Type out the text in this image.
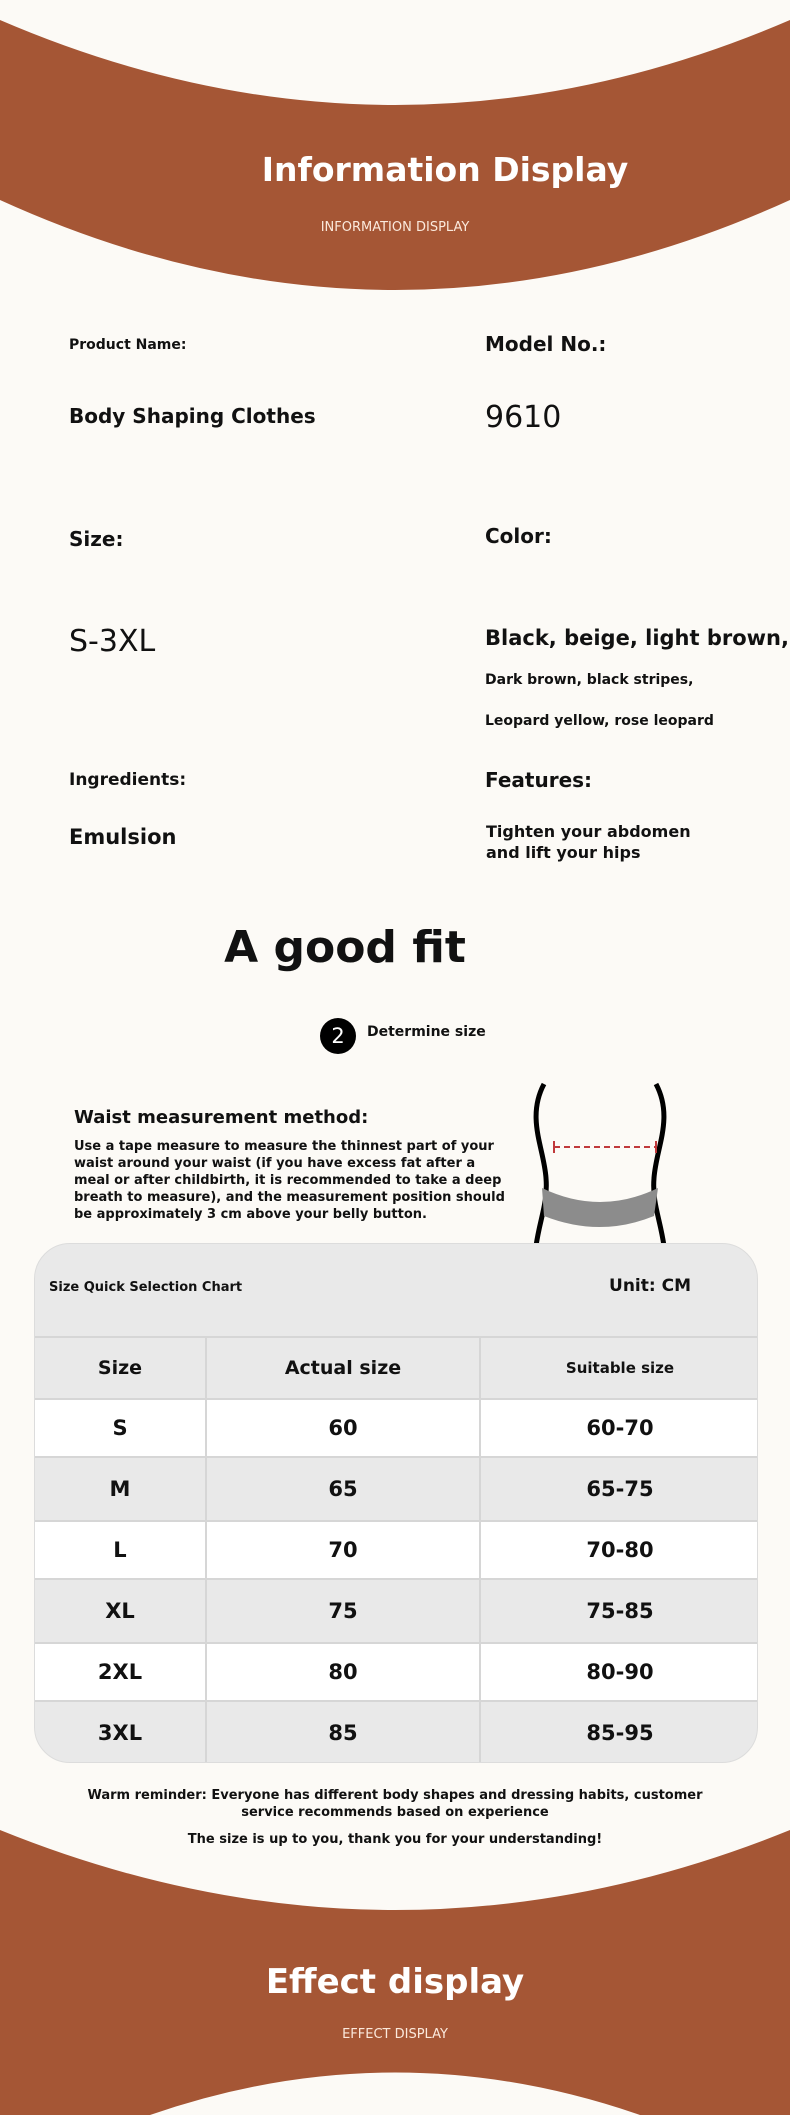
Information Display
INFORMATION DISPLAY
Product Name:	Model No.:
Body Shaping Clothes	9610
Size:	Color:
S-3XL	Black, beige, light brown,
Dark brown, black stripes,
Leopard yellow, rose leopard
Ingredients:	Features:
Emulsion	Tighten your abdomen
and lift your hips
A good fit
2	Determine size
Waist measurement method:
Use a tape measure to measure the thinnest part of your waist around your waist (if you have excess fat after a meal or after childbirth, it is recommended to take a deep breath to measure), and the measurement position should be approximately 3 cm above your belly button.
Size Quick Selection Chart	Unit: CM
Size	Actual size	Suitable size
S	60	60-70
M	65	65-75
L	70	70-80
XL	75	75-85
2XL	80	80-90
3XL	85	85-95
Warm reminder: Everyone has different body shapes and dressing habits, customer service recommends based on experience
The size is up to you, thank you for your understanding!
Effect display
EFFECT DISPLAY
